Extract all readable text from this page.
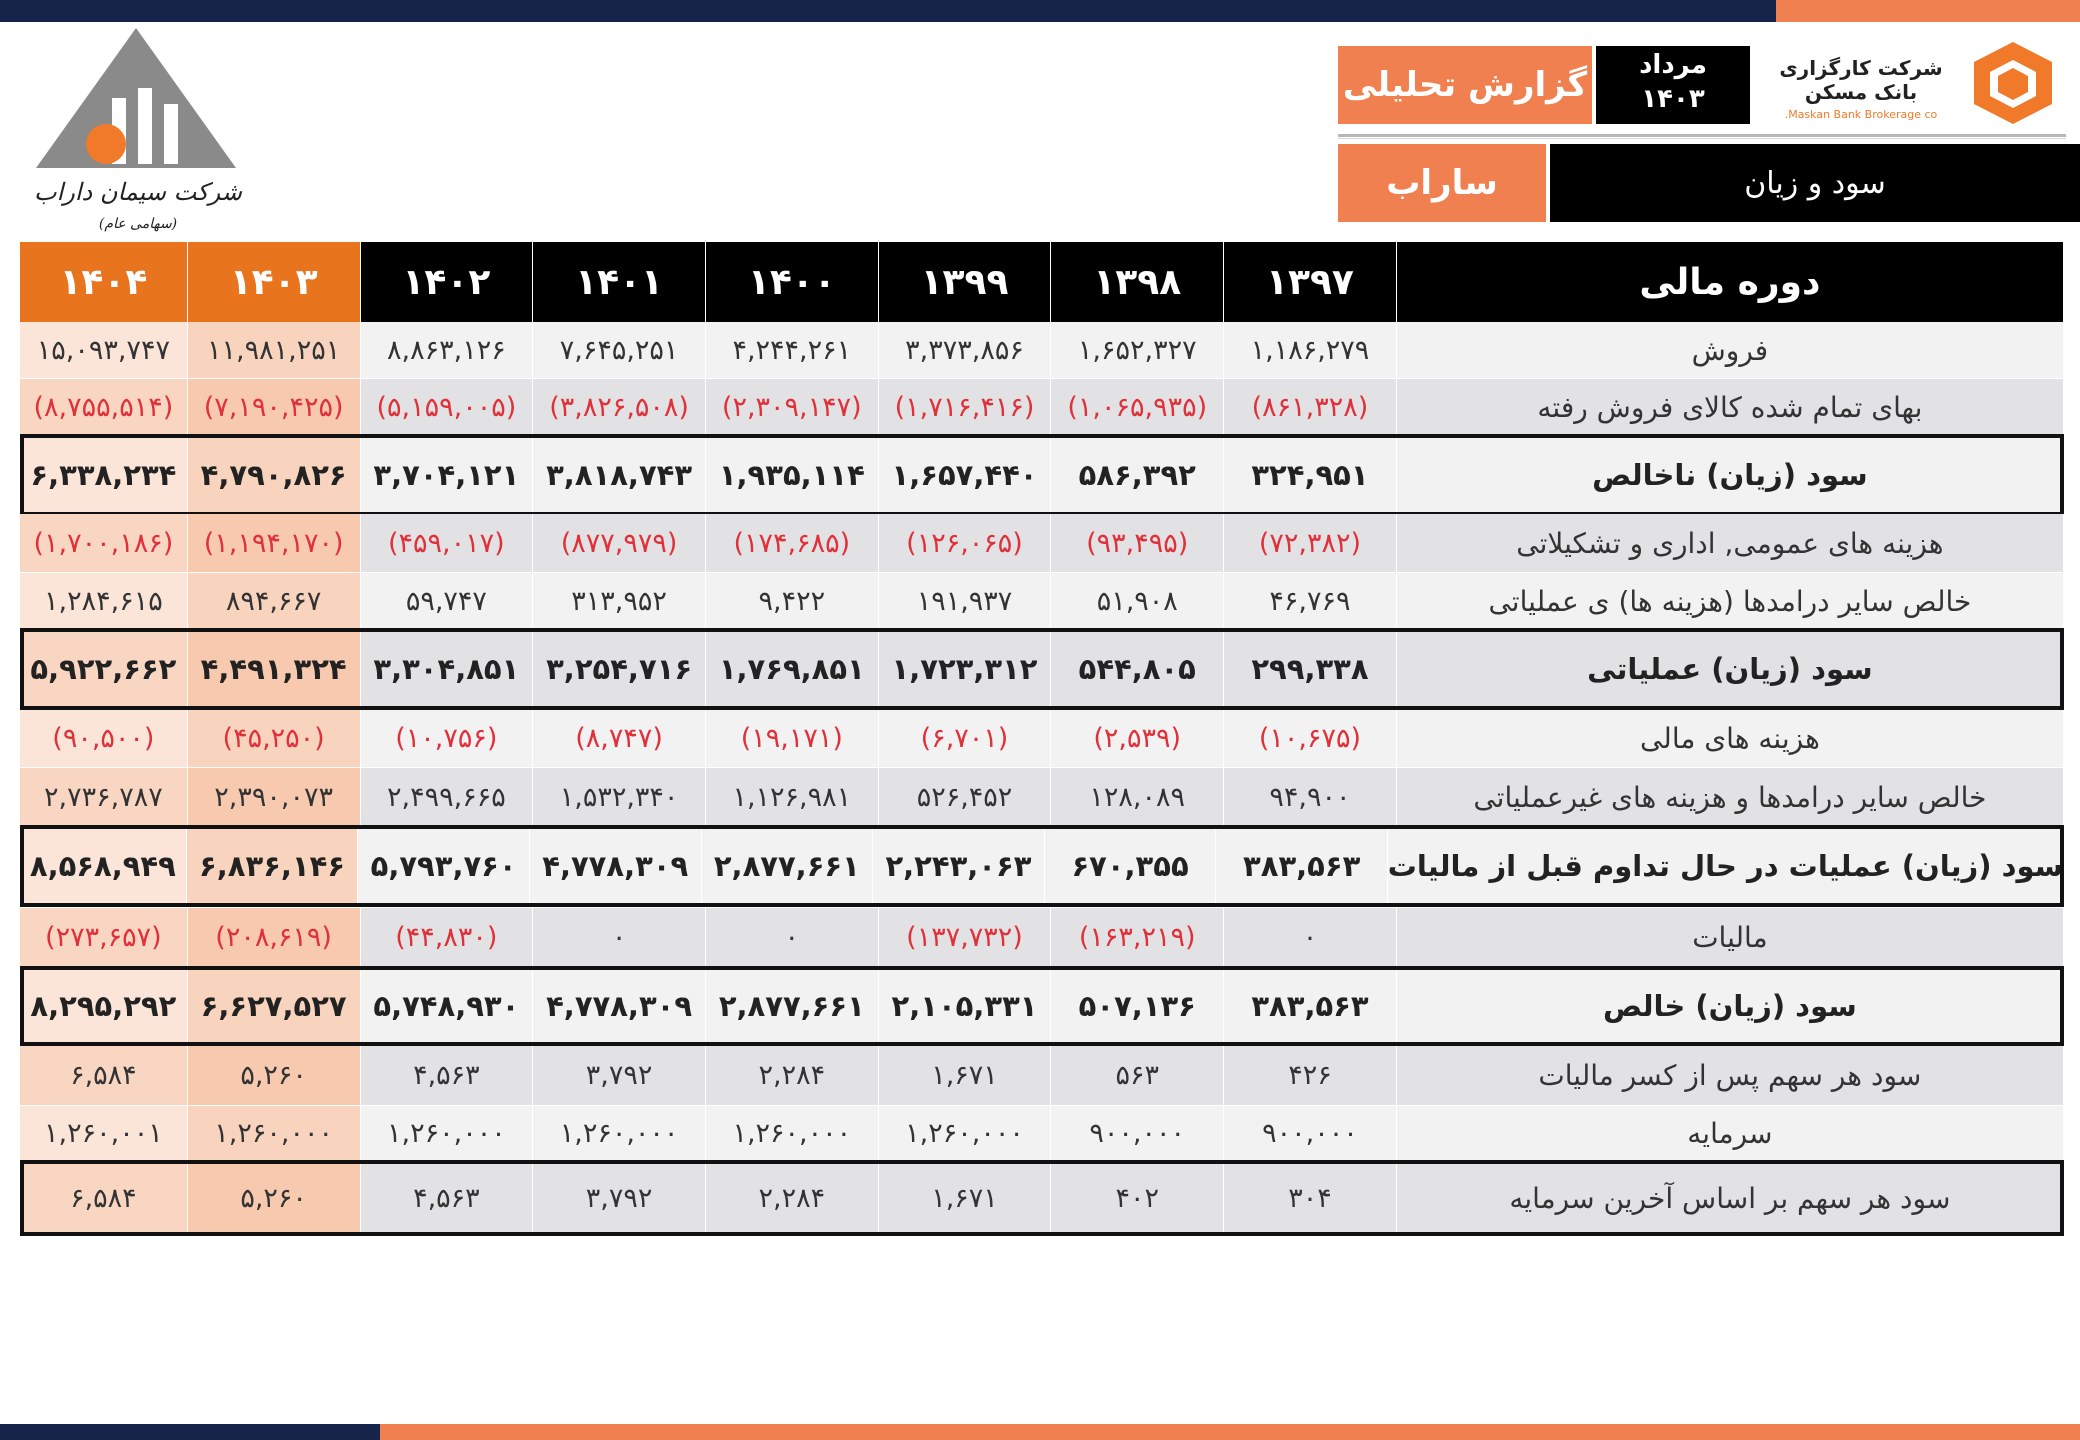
شرکت سیمان داراب (سهامی عام)
گزارش تحلیلی	مرداد
۱۴۰۳
شرکت کارگزاری بانک مسکن
Maskan Bank Brokerage co.
ساراب	سود و زیان
۱۴۰۴	۱۴۰۳	۱۴۰۲	۱۴۰۱	۱۴۰۰	۱۳۹۹	۱۳۹۸	۱۳۹۷	دوره مالی
۱۵,۰۹۳,۷۴۷	۱۱,۹۸۱,۲۵۱	۸,۸۶۳,۱۲۶	۷,۶۴۵,۲۵۱	۴,۲۴۴,۲۶۱	۳,۳۷۳,۸۵۶	۱,۶۵۲,۳۲۷	۱,۱۸۶,۲۷۹	فروش
(۸,۷۵۵,۵۱۴)	(۷,۱۹۰,۴۲۵)	(۵,۱۵۹,۰۰۵)	(۳,۸۲۶,۵۰۸)	(۲,۳۰۹,۱۴۷)	(۱,۷۱۶,۴۱۶)	(۱,۰۶۵,۹۳۵)	(۸۶۱,۳۲۸)	بهای تمام شده کالای فروش رفته
۶,۳۳۸,۲۳۴ ۴,۷۹۰,۸۲۶ ۳,۷۰۴,۱۲۱ ۳,۸۱۸,۷۴۳ ۱,۹۳۵,۱۱۴ ۱,۶۵۷,۴۴۰	۵۸۶,۳۹۲	۳۲۴,۹۵۱	سود (زیان) ناخالص
(۱,۷۰۰,۱۸۶)	(۱,۱۹۴,۱۷۰)	(۴۵۹,۰۱۷)	(۸۷۷,۹۷۹)	(۱۷۴,۶۸۵)	(۱۲۶,۰۶۵)	(۹۳,۴۹۵)	(۷۲,۳۸۲)	هزینه های عمومی, اداری و تشکیلاتی
۱,۲۸۴,۶۱۵	۸۹۴,۶۶۷	۵۹,۷۴۷	۳۱۳,۹۵۲	۹,۴۲۲	۱۹۱,۹۳۷	۵۱,۹۰۸	۴۶,۷۶۹	خالص سایر درامدها (هزینه ها) ی عملیاتی
۵,۹۲۲,۶۶۲ ۴,۴۹۱,۳۲۴ ۳,۳۰۴,۸۵۱ ۳,۲۵۴,۷۱۶ ۱,۷۶۹,۸۵۱ ۱,۷۲۳,۳۱۲	۵۴۴,۸۰۵	۲۹۹,۳۳۸	سود (زیان) عملیاتی
(۹۰,۵۰۰)	(۴۵,۲۵۰)	(۱۰,۷۵۶)	(۸,۷۴۷)	(۱۹,۱۷۱)	(۶,۷۰۱)	(۲,۵۳۹)	(۱۰,۶۷۵)	هزینه های مالی
۲,۷۳۶,۷۸۷	۲,۳۹۰,۰۷۳	۲,۴۹۹,۶۶۵	۱,۵۳۲,۳۴۰	۱,۱۲۶,۹۸۱	۵۲۶,۴۵۲	۱۲۸,۰۸۹	۹۴,۹۰۰	خالص سایر درامدها و هزینه های غیرعملیاتی
۸,۵۶۸,۹۴۹ ۶,۸۳۶,۱۴۶ ۵,۷۹۳,۷۶۰ ۴,۷۷۸,۳۰۹ ۲,۸۷۷,۶۶۱ ۲,۲۴۳,۰۶۳	۶۷۰,۳۵۵	۳۸۳,۵۶۳ سود (زیان) عملیات در حال تداوم قبل از مالیات
(۲۷۳,۶۵۷)	(۲۰۸,۶۱۹)	(۴۴,۸۳۰)	۰	۰	(۱۳۷,۷۳۲)	(۱۶۳,۲۱۹)	۰	مالیات
۸,۲۹۵,۲۹۲ ۶,۶۲۷,۵۲۷ ۵,۷۴۸,۹۳۰ ۴,۷۷۸,۳۰۹ ۲,۸۷۷,۶۶۱ ۲,۱۰۵,۳۳۱	۵۰۷,۱۳۶	۳۸۳,۵۶۳	سود (زیان) خالص
۶,۵۸۴	۵,۲۶۰	۴,۵۶۳	۳,۷۹۲	۲,۲۸۴	۱,۶۷۱	۵۶۳	۴۲۶	سود هر سهم پس از کسر مالیات
۱,۲۶۰,۰۰۱	۱,۲۶۰,۰۰۰	۱,۲۶۰,۰۰۰	۱,۲۶۰,۰۰۰	۱,۲۶۰,۰۰۰	۱,۲۶۰,۰۰۰	۹۰۰,۰۰۰	۹۰۰,۰۰۰	سرمایه
۶,۵۸۴	۵,۲۶۰	۴,۵۶۳	۳,۷۹۲	۲,۲۸۴	۱,۶۷۱	۴۰۲	۳۰۴	سود هر سهم بر اساس آخرین سرمایه
